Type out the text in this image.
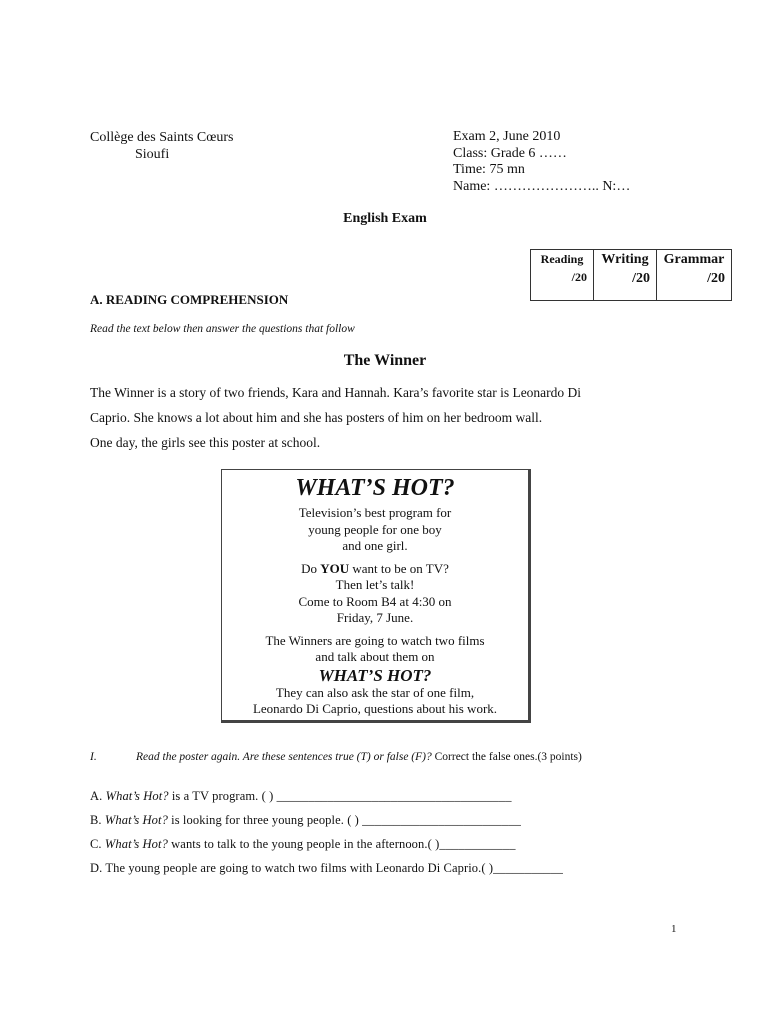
Collège des Saints Cœurs
Sioufi
Exam 2, June 2010
Class: Grade 6 ……
Time: 75 mn
Name: ………………….. N:…
English Exam
Reading
/20

Writing
/20

Grammar
/20
A. READING COMPREHENSION
Read the text below then answer the questions that follow
The Winner
The Winner is a story of two friends, Kara and Hannah. Kara’s favorite star is Leonardo Di
Caprio. She knows a lot about him and she has posters of him on her bedroom wall.
One day, the girls see this poster at school.
WHAT’S HOT?
Television’s best program for
young people for one boy
and one girl.
Do YOU want to be on TV?
Then let’s talk!
Come to Room B4 at 4:30 on
Friday, 7 June.
The Winners are going to watch two films
and talk about them on
WHAT’S HOT?
They can also ask the star of one film,
Leonardo Di Caprio, questions about his work.
I.	Read the poster again. Are these sentences true (T) or false (F)? Correct the false ones.(3 points)
A. What’s Hot? is a TV program. ( ) _____________________________________
B. What’s Hot? is looking for three young people. ( ) _________________________
C. What’s Hot? wants to talk to the young people in the afternoon.( )____________
D. The young people are going to watch two films with Leonardo Di Caprio.( )___________
1
